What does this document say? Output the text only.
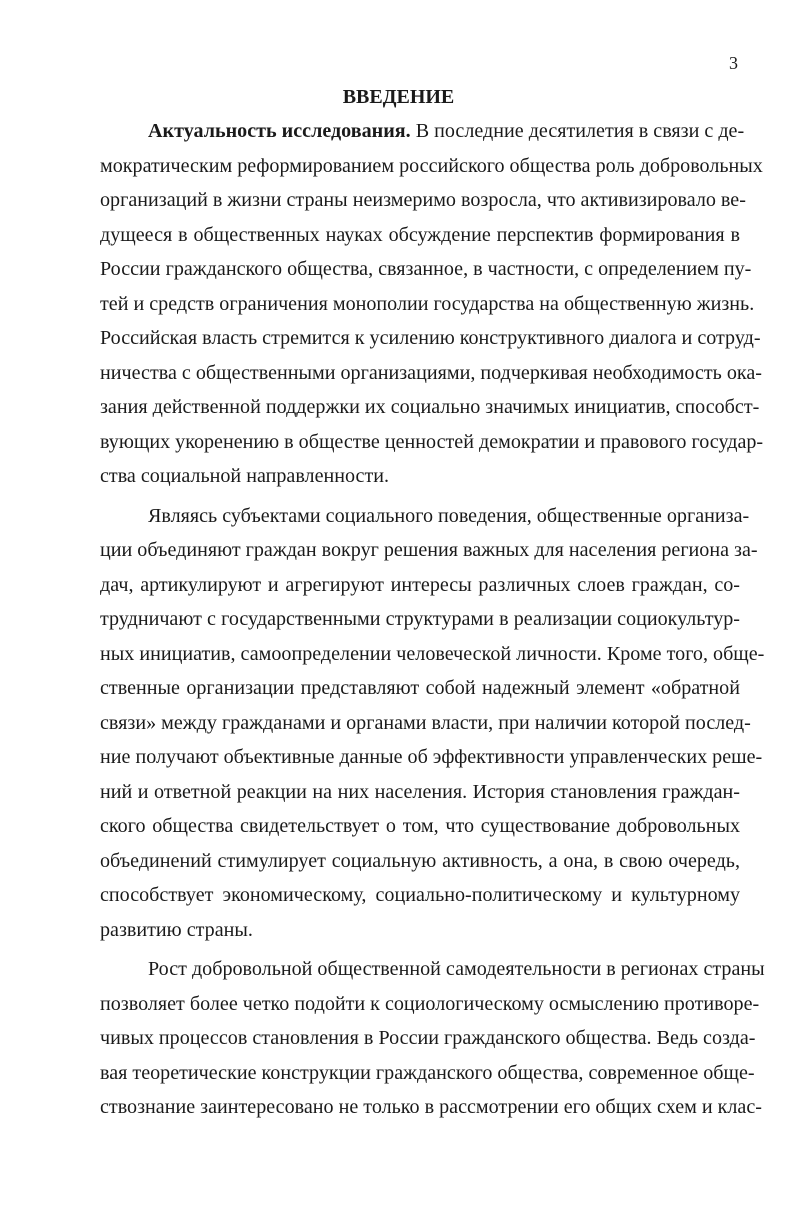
3
ВВЕДЕНИЕ
Актуальность исследования. В последние десятилетия в связи с де-
мократическим реформированием российского общества роль добровольных
организаций в жизни страны неизмеримо возросла, что активизировало ве-
дущееся в общественных науках обсуждение перспектив формирования в
России гражданского общества, связанное, в частности, с определением пу-
тей и средств ограничения монополии государства на общественную жизнь.
Российская власть стремится к усилению конструктивного диалога и сотруд-
ничества с общественными организациями, подчеркивая необходимость ока-
зания действенной поддержки их социально значимых инициатив, способст-
вующих укоренению в обществе ценностей демократии и правового государ-
ства социальной направленности.
Являясь субъектами социального поведения, общественные организа-
ции объединяют граждан вокруг решения важных для населения региона за-
дач, артикулируют и агрегируют интересы различных слоев граждан, со-
трудничают с государственными структурами в реализации социокультур-
ных инициатив, самоопределении человеческой личности. Кроме того, обще-
ственные организации представляют собой надежный элемент «обратной
связи» между гражданами и органами власти, при наличии которой послед-
ние получают объективные данные об эффективности управленческих реше-
ний и ответной реакции на них населения. История становления граждан-
ского общества свидетельствует о том, что существование добровольных
объединений стимулирует социальную активность, а она, в свою очередь,
способствует экономическому, социально-политическому и культурному
развитию страны.
Рост добровольной общественной самодеятельности в регионах страны
позволяет более четко подойти к социологическому осмыслению противоре-
чивых процессов становления в России гражданского общества. Ведь созда-
вая теоретические конструкции гражданского общества, современное обще-
ствознание заинтересовано не только в рассмотрении его общих схем и клас-
